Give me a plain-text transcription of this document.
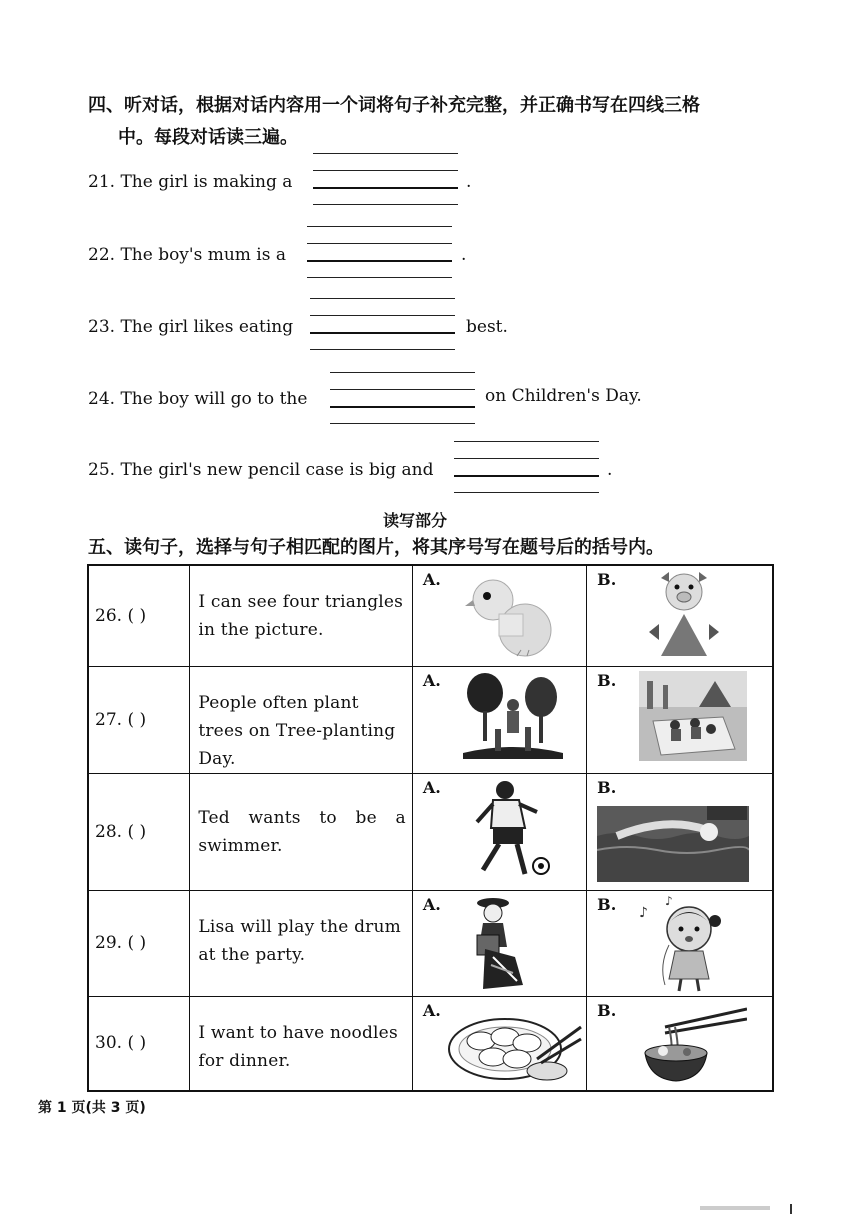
四、听对话，根据对话内容用一个词将句子补充完整，并正确书写在四线三格
中。每段对话读三遍。
21. The girl is making a	.
22. The boy's mum is a	.
23. The girl likes eating	best.
24. The boy will go to the	on Children's Day.
25. The girl's new pencil case is big and	.
读写部分
五、读句子，选择与句子相匹配的图片，将其序号写在题号后的括号内。
26. ( )	I can see four triangles in the picture.	A.	B.

27. ( )	People often plant trees on Tree-planting Day.	A.	B.

28. ( )	Ted wants to be a swimmer.	A.	B.

29. ( )	Lisa will play the drum at the party.	A.	B. ♪
♪

30. ( )	I want to have noodles for dinner.	A.	B.
第 1 页(共 3 页)
